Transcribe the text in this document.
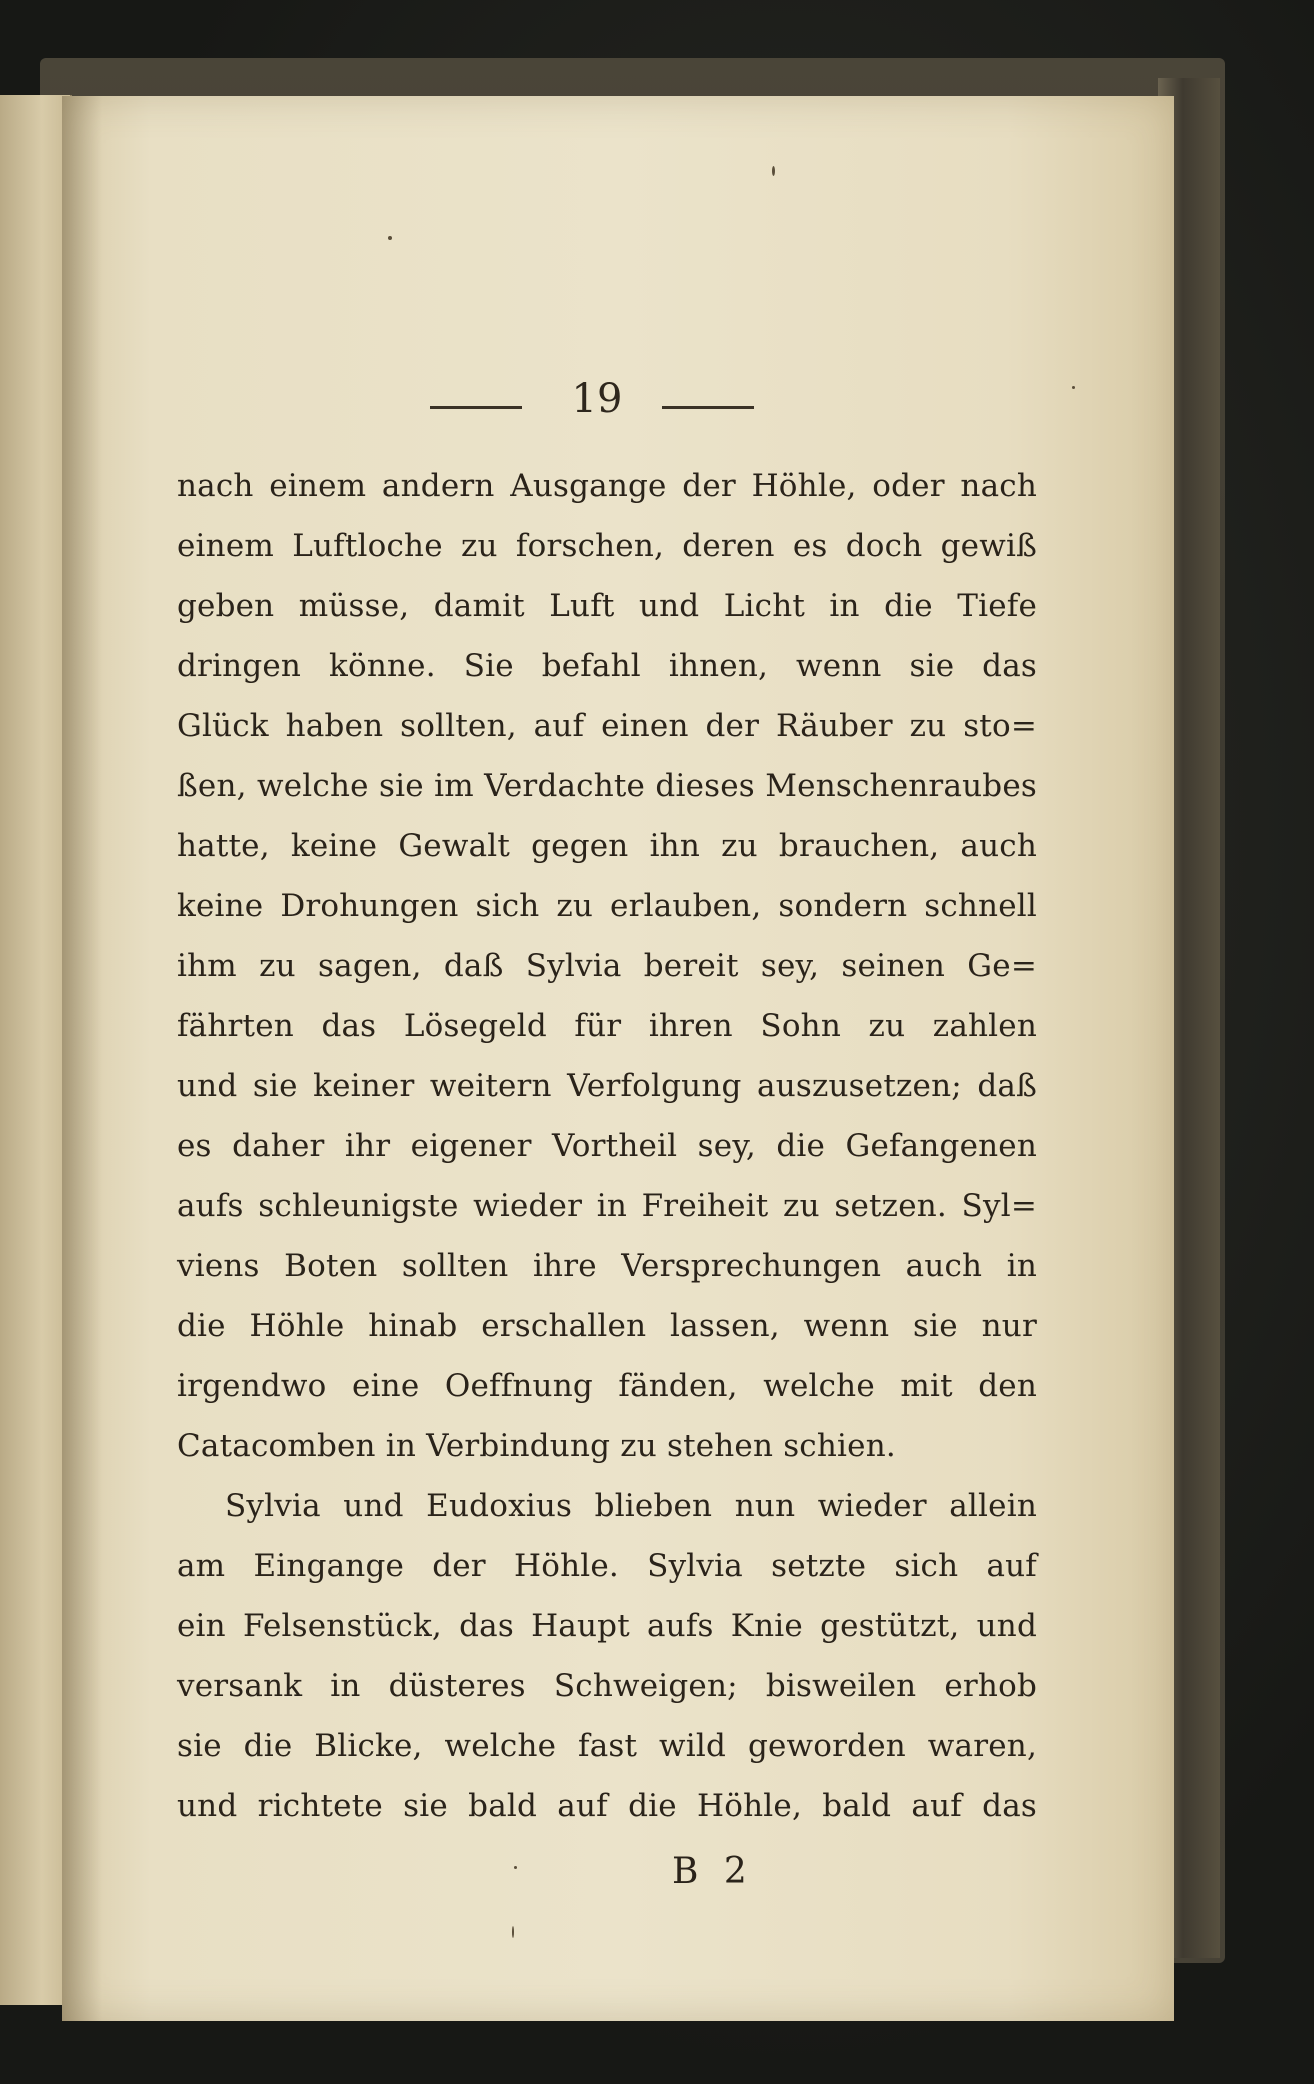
19
nach einem andern Ausgange der Höhle, oder nach
einem Luftloche zu forschen, deren es doch gewiß
geben müsse, damit Luft und Licht in die Tiefe
dringen könne. Sie befahl ihnen, wenn sie das
Glück haben sollten, auf einen der Räuber zu sto=
ßen, welche sie im Verdachte dieses Menschenraubes
hatte, keine Gewalt gegen ihn zu brauchen, auch
keine Drohungen sich zu erlauben, sondern schnell
ihm zu sagen, daß Sylvia bereit sey, seinen Ge=
fährten das Lösegeld für ihren Sohn zu zahlen
und sie keiner weitern Verfolgung auszusetzen; daß
es daher ihr eigener Vortheil sey, die Gefangenen
aufs schleunigste wieder in Freiheit zu setzen. Syl=
viens Boten sollten ihre Versprechungen auch in
die Höhle hinab erschallen lassen, wenn sie nur
irgendwo eine Oeffnung fänden, welche mit den
Catacomben in Verbindung zu stehen schien.
Sylvia und Eudoxius blieben nun wieder allein
am Eingange der Höhle. Sylvia setzte sich auf
ein Felsenstück, das Haupt aufs Knie gestützt, und
versank in düsteres Schweigen; bisweilen erhob
sie die Blicke, welche fast wild geworden waren,
und richtete sie bald auf die Höhle, bald auf das
B 2
